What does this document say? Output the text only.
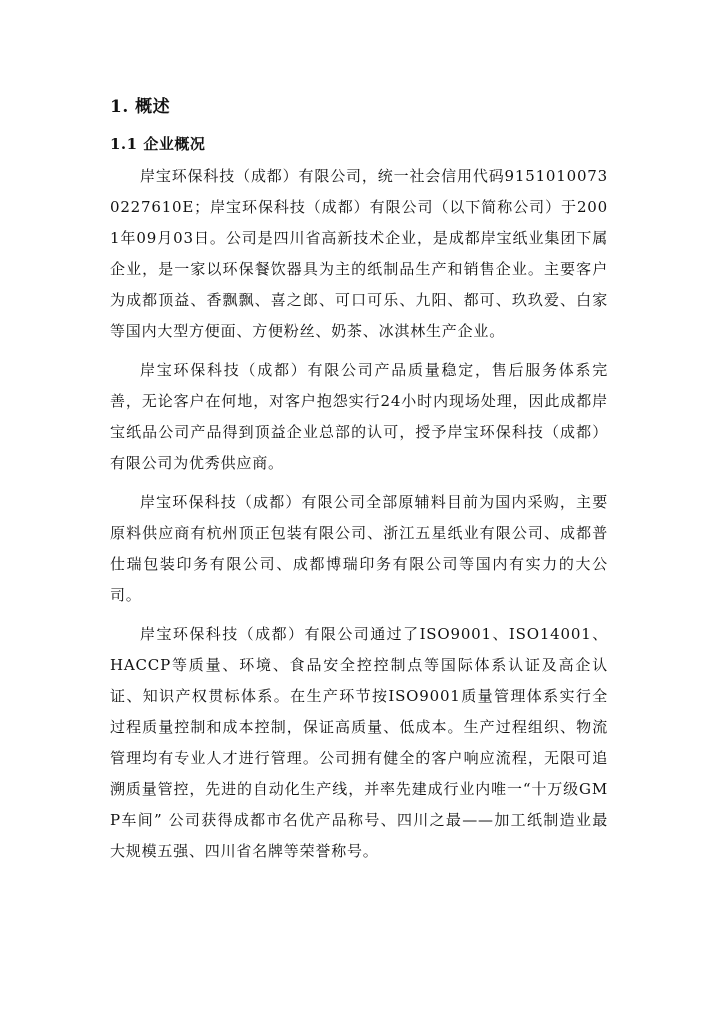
1. 概述
1.1 企业概况

岸宝环保科技（成都）有限公司，统一社会信用代码91510100730227610E；岸宝环保科技（成都）有限公司（以下简称公司）于2001年09月03日。公司是四川省高新技术企业，是成都岸宝纸业集团下属企业，是一家以环保餐饮器具为主的纸制品生产和销售企业。主要客户为成都顶益、香飘飘、喜之郎、可口可乐、九阳、都可、玖玖爱、白家等国内大型方便面、方便粉丝、奶茶、冰淇林生产企业。

岸宝环保科技（成都）有限公司产品质量稳定，售后服务体系完善，无论客户在何地，对客户抱怨实行24小时内现场处理，因此成都岸宝纸品公司产品得到顶益企业总部的认可，授予岸宝环保科技（成都）有限公司为优秀供应商。

岸宝环保科技（成都）有限公司全部原辅料目前为国内采购，主要原料供应商有杭州顶正包装有限公司、浙江五星纸业有限公司、成都普仕瑞包装印务有限公司、成都博瑞印务有限公司等国内有实力的大公司。

岸宝环保科技（成都）有限公司通过了ISO9001、ISO14001、HACCP等质量、环境、食品安全控控制点等国际体系认证及高企认证、知识产权贯标体系。在生产环节按ISO9001质量管理体系实行全过程质量控制和成本控制，保证高质量、低成本。生产过程组织、物流管理均有专业人才进行管理。公司拥有健全的客户响应流程，无限可追溯质量管控，先进的自动化生产线，并率先建成行业内唯一“十万级GMP车间” 公司获得成都市名优产品称号、四川之最——加工纸制造业最大规模五强、四川省名牌等荣誉称号。
